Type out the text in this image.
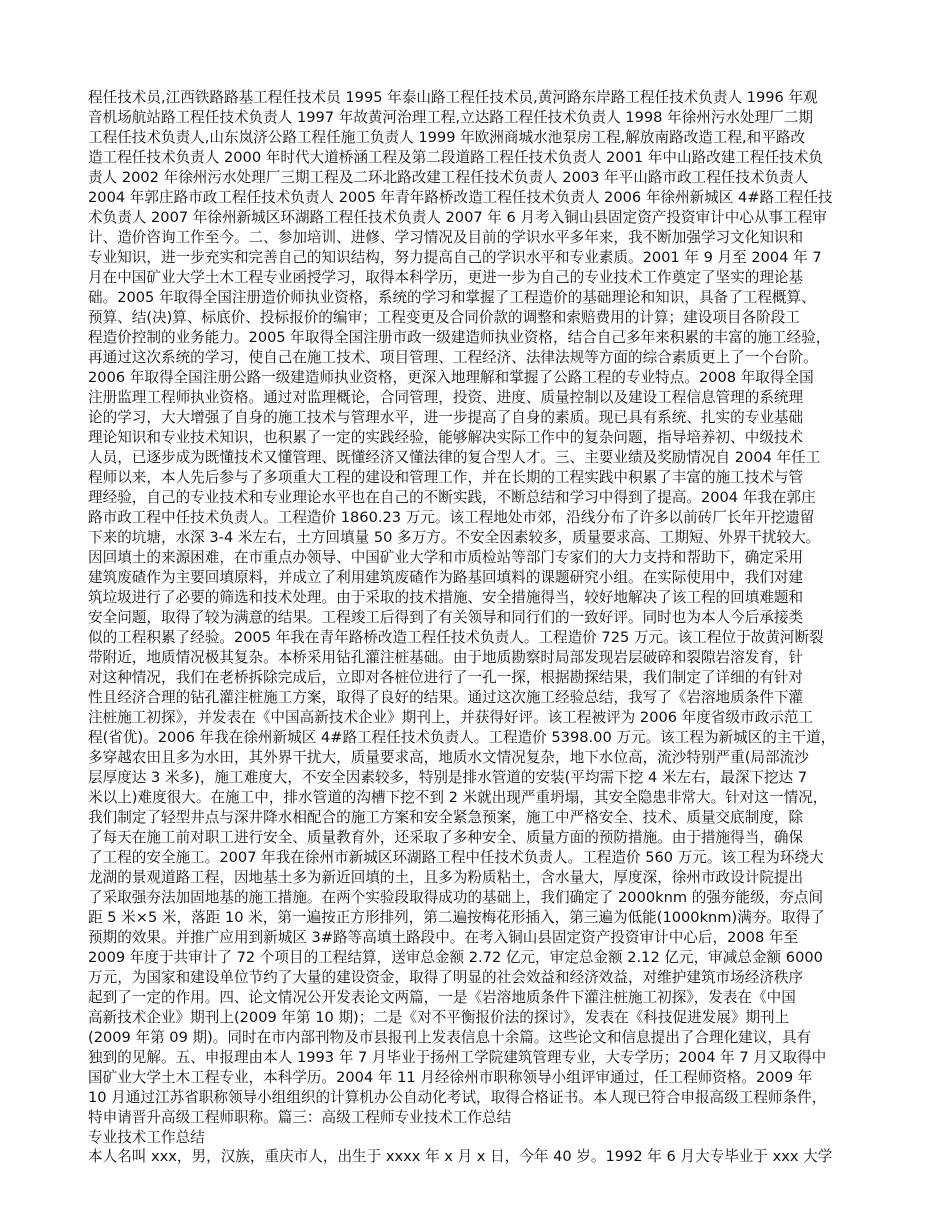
程任技术员,江西铁路路基工程任技术员 1995 年泰山路工程任技术员,黄河路东岸路工程任技术负责人 1996 年观
音机场航站路工程任技术负责人 1997 年故黄河治理工程,立达路工程任技术负责人 1998 年徐州污水处理厂二期
工程任技术负责人,山东岚济公路工程任施工负责人 1999 年欧洲商城水池泵房工程,解放南路改造工程,和平路改
造工程任技术负责人 2000 年时代大道桥涵工程及第二段道路工程任技术负责人 2001 年中山路改建工程任技术负
责人 2002 年徐州污水处理厂三期工程及二环北路改建工程任技术负责人 2003 年平山路市政工程任技术负责人
2004 年郭庄路市政工程任技术负责人 2005 年青年路桥改造工程任技术负责人 2006 年徐州新城区 4#路工程任技
术负责人 2007 年徐州新城区环湖路工程任技术负责人 2007 年 6 月考入铜山县固定资产投资审计中心从事工程审
计、造价咨询工作至今。二、参加培训、进修、学习情况及目前的学识水平多年来，我不断加强学习文化知识和
专业知识，进一步充实和完善自己的知识结构，努力提高自己的学识水平和专业素质。2001 年 9 月至 2004 年 7
月在中国矿业大学土木工程专业函授学习，取得本科学历，更进一步为自己的专业技术工作奠定了坚实的理论基
础。2005 年取得全国注册造价师执业资格，系统的学习和掌握了工程造价的基础理论和知识，具备了工程概算、
预算、结(决)算、标底价、投标报价的编审；工程变更及合同价款的调整和索赔费用的计算；建设项目各阶段工
程造价控制的业务能力。2005 年取得全国注册市政一级建造师执业资格，结合自己多年来积累的丰富的施工经验，
再通过这次系统的学习，使自己在施工技术、项目管理、工程经济、法律法规等方面的综合素质更上了一个台阶。
2006 年取得全国注册公路一级建造师执业资格，更深入地理解和掌握了公路工程的专业特点。2008 年取得全国
注册监理工程师执业资格。通过对监理概论，合同管理，投资、进度、质量控制以及建设工程信息管理的系统理
论的学习，大大增强了自身的施工技术与管理水平，进一步提高了自身的素质。现已具有系统、扎实的专业基础
理论知识和专业技术知识，也积累了一定的实践经验，能够解决实际工作中的复杂问题，指导培养初、中级技术
人员，已逐步成为既懂技术又懂管理、既懂经济又懂法律的复合型人才。三、主要业绩及奖励情况自 2004 年任工
程师以来，本人先后参与了多项重大工程的建设和管理工作，并在长期的工程实践中积累了丰富的施工技术与管
理经验，自己的专业技术和专业理论水平也在自己的不断实践，不断总结和学习中得到了提高。2004 年我在郭庄
路市政工程中任技术负责人。工程造价 1860.23 万元。该工程地处市郊，沿线分布了许多以前砖厂长年开挖遗留
下来的坑塘，水深 3-4 米左右，土方回填量 50 多万方。不安全因素较多，质量要求高、工期短、外界干扰较大。
因回填土的来源困难，在市重点办领导、中国矿业大学和市质检站等部门专家们的大力支持和帮助下，确定采用
建筑废碴作为主要回填原料，并成立了利用建筑废碴作为路基回填料的课题研究小组。在实际使用中，我们对建
筑垃圾进行了必要的筛选和技术处理。由于采取的技术措施、安全措施得当，较好地解决了该工程的回填难题和
安全问题，取得了较为满意的结果。工程竣工后得到了有关领导和同行们的一致好评。同时也为本人今后承接类
似的工程积累了经验。2005 年我在青年路桥改造工程任技术负责人。工程造价 725 万元。该工程位于故黄河断裂
带附近，地质情况极其复杂。本桥采用钻孔灌注桩基础。由于地质勘察时局部发现岩层破碎和裂隙岩溶发育，针
对这种情况，我们在老桥拆除完成后，立即对各桩位进行了一孔一探，根据勘探结果，我们制定了详细的有针对
性且经济合理的钻孔灌注桩施工方案，取得了良好的结果。通过这次施工经验总结，我写了《岩溶地质条件下灌
注桩施工初探》，并发表在《中国高新技术企业》期刊上，并获得好评。该工程被评为 2006 年度省级市政示范工
程(省优)。2006 年我在徐州新城区 4#路工程任技术负责人。工程造价 5398.00 万元。该工程为新城区的主干道，
多穿越农田且多为水田，其外界干扰大，质量要求高，地质水文情况复杂，地下水位高，流沙特别严重(局部流沙
层厚度达 3 米多)，施工难度大，不安全因素较多，特别是排水管道的安装(平均需下挖 4 米左右，最深下挖达 7
米以上)难度很大。在施工中，排水管道的沟槽下挖不到 2 米就出现严重坍塌，其安全隐患非常大。针对这一情况，
我们制定了轻型井点与深井降水相配合的施工方案和安全紧急预案，施工中严格安全、技术、质量交底制度，除
了每天在施工前对职工进行安全、质量教育外，还采取了多种安全、质量方面的预防措施。由于措施得当，确保
了工程的安全施工。2007 年我在徐州市新城区环湖路工程中任技术负责人。工程造价 560 万元。该工程为环绕大
龙湖的景观道路工程，因地基土多为新近回填的土，且多为粉质粘土，含水量大，厚度深，徐州市政设计院提出
了采取强夯法加固地基的施工措施。在两个实验段取得成功的基础上，我们确定了 2000knm 的强夯能级，夯点间
距 5 米×5 米，落距 10 米，第一遍按正方形排列，第二遍按梅花形插入，第三遍为低能(1000knm)满夯。取得了
预期的效果。并推广应用到新城区 3#路等高填土路段中。在考入铜山县固定资产投资审计中心后，2008 年至
2009 年度于共审计了 72 个项目的工程结算，送审总金额 2.72 亿元，审定总金额 2.12 亿元，审减总金额 6000
万元，为国家和建设单位节约了大量的建设资金，取得了明显的社会效益和经济效益，对维护建筑市场经济秩序
起到了一定的作用。四、论文情况公开发表论文两篇，一是《岩溶地质条件下灌注桩施工初探》，发表在《中国
高新技术企业》期刊上(2009 年第 10 期)；二是《对不平衡报价法的探讨》，发表在《科技促进发展》期刊上
(2009 年第 09 期)。同时在市内部刊物及市县报刊上发表信息十余篇。这些论文和信息提出了合理化建议，具有
独到的见解。五、申报理由本人 1993 年 7 月毕业于扬州工学院建筑管理专业，大专学历；2004 年 7 月又取得中
国矿业大学土木工程专业，本科学历。2004 年 11 月经徐州市职称领导小组评审通过，任工程师资格。2009 年
10 月通过江苏省职称领导小组组织的计算机办公自动化考试，取得合格证书。本人现已符合申报高级工程师条件，
特申请晋升高级工程师职称。篇三：高级工程师专业技术工作总结
专业技术工作总结
本人名叫 xxx，男，汉族，重庆市人，出生于 xxxx 年 x 月 x 日，今年 40 岁。1992 年 6 月大专毕业于 xxx 大学
